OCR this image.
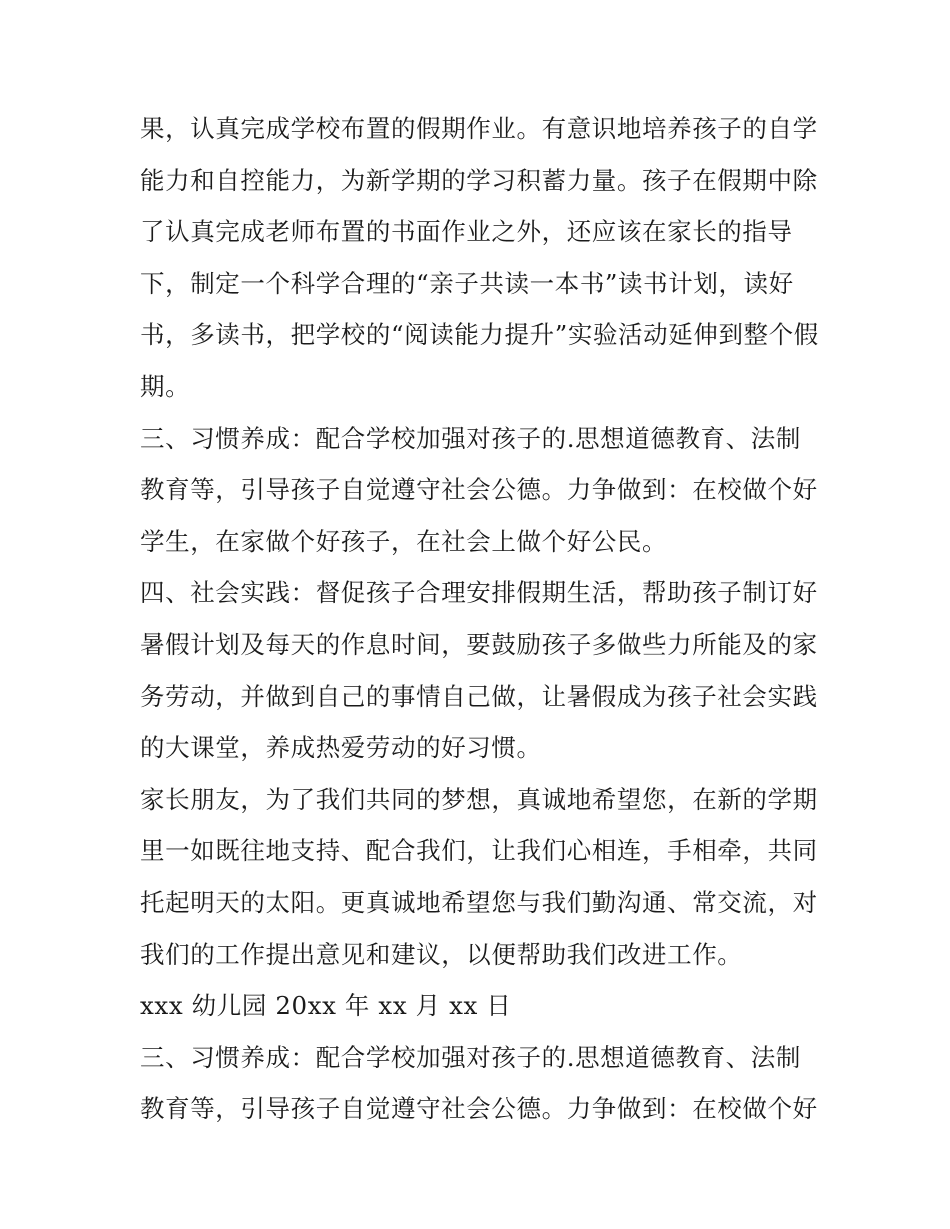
果，认真完成学校布置的假期作业。有意识地培养孩子的自学
能力和自控能力，为新学期的学习积蓄力量。孩子在假期中除
了认真完成老师布置的书面作业之外，还应该在家长的指导
下，制定一个科学合理的“亲子共读一本书”读书计划，读好
书，多读书，把学校的“阅读能力提升”实验活动延伸到整个假
期。
三、习惯养成：配合学校加强对孩子的.思想道德教育、法制
教育等，引导孩子自觉遵守社会公德。力争做到：在校做个好
学生，在家做个好孩子，在社会上做个好公民。
四、社会实践：督促孩子合理安排假期生活，帮助孩子制订好
暑假计划及每天的作息时间，要鼓励孩子多做些力所能及的家
务劳动，并做到自己的事情自己做，让暑假成为孩子社会实践
的大课堂，养成热爱劳动的好习惯。
家长朋友，为了我们共同的梦想，真诚地希望您，在新的学期
里一如既往地支持、配合我们，让我们心相连，手相牵，共同
托起明天的太阳。更真诚地希望您与我们勤沟通、常交流，对
我们的工作提出意见和建议，以便帮助我们改进工作。
xxx 幼儿园 20xx 年 xx 月 xx 日
三、习惯养成：配合学校加强对孩子的.思想道德教育、法制
教育等，引导孩子自觉遵守社会公德。力争做到：在校做个好
